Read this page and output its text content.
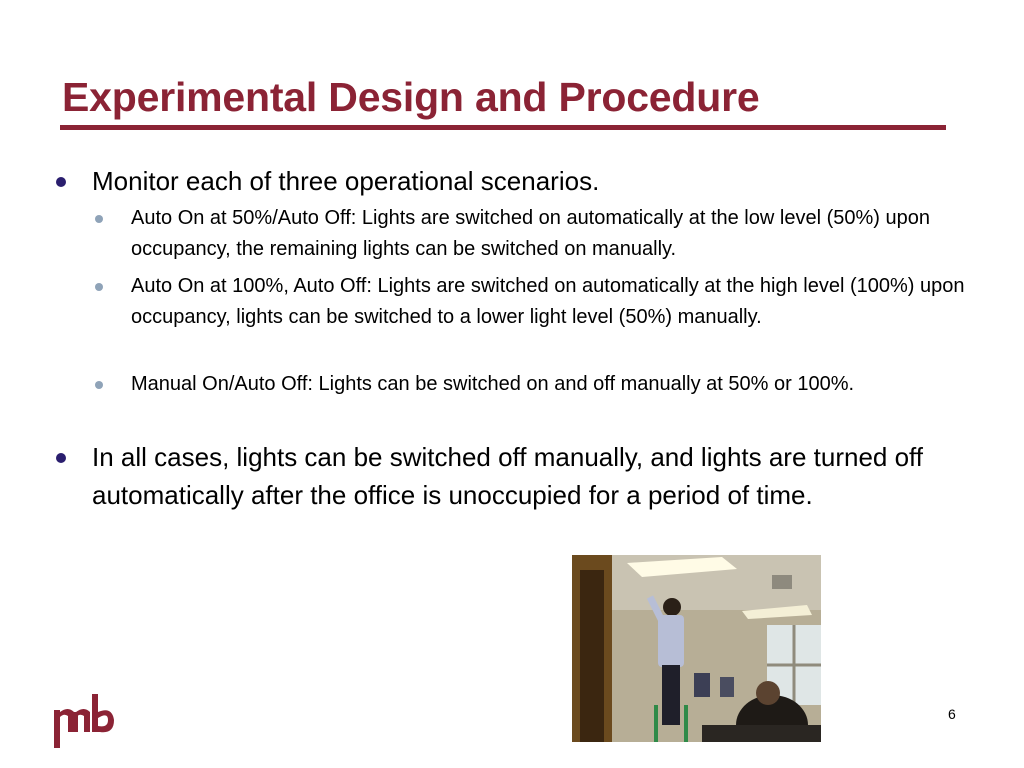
Experimental Design and Procedure
Monitor each of three operational scenarios.
Auto On at 50%/Auto Off: Lights are switched on automatically at the low level (50%) upon occupancy, the remaining lights can be switched on manually.
Auto On at 100%, Auto Off: Lights are switched on automatically at the high level (100%) upon occupancy, lights can be switched to a lower light level (50%) manually.
Manual On/Auto Off: Lights can be switched on and off manually at 50% or 100%.
In all cases, lights can be switched off manually, and lights are turned off automatically after the office is unoccupied for a period of time.
6
